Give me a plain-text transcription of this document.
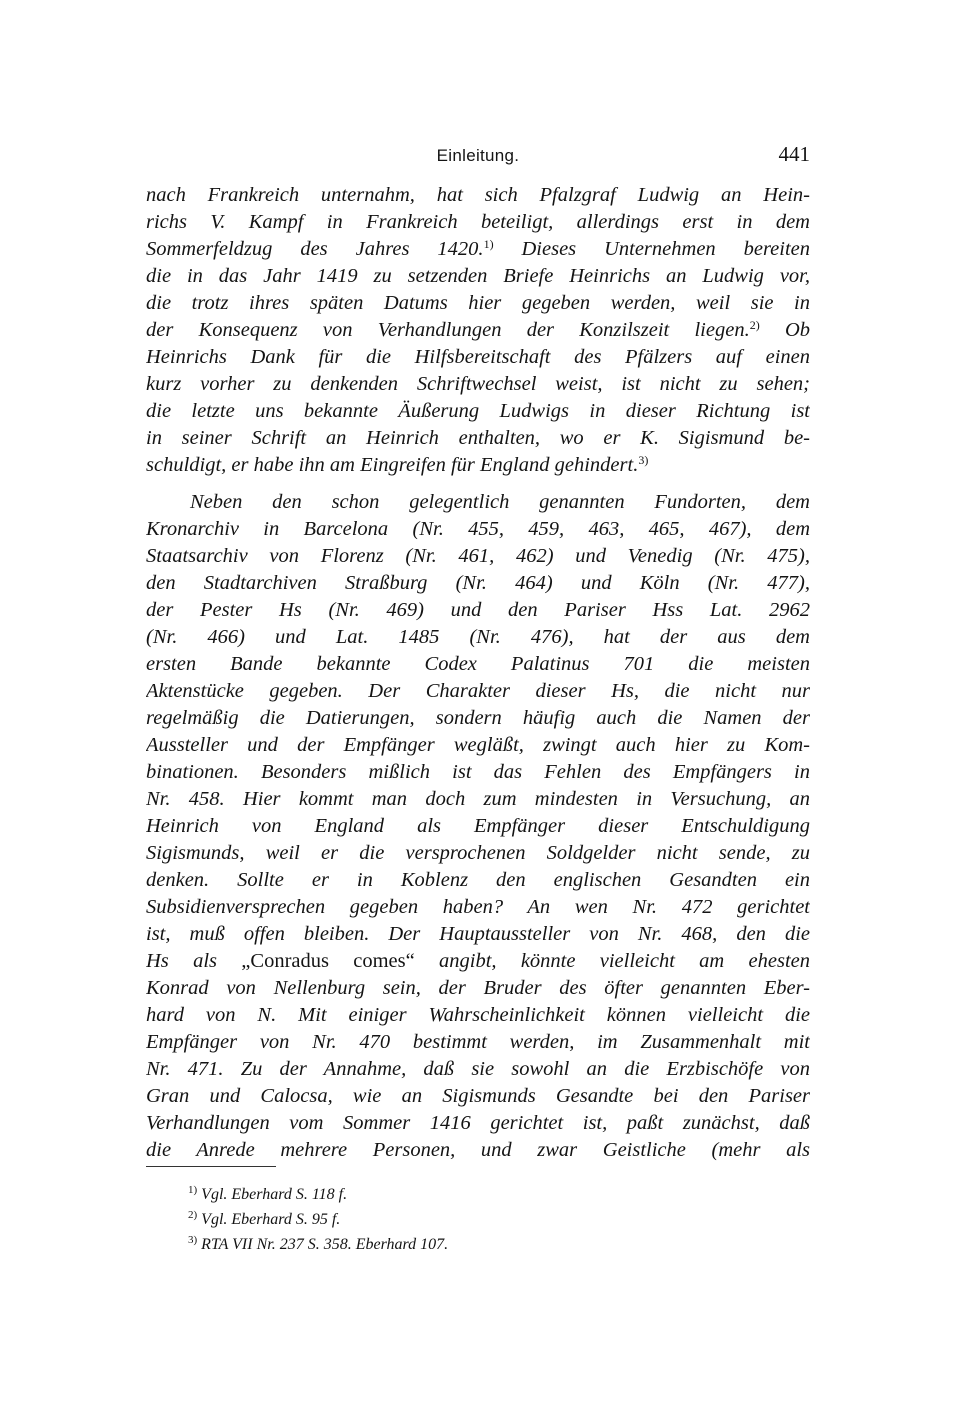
Einleitung.	441
nach Frankreich unternahm, hat sich Pfalzgraf Ludwig an Hein-
richs V. Kampf in Frankreich beteiligt, allerdings erst in dem
Sommerfeldzug des Jahres 1420.$^{1)}$ Dieses Unternehmen bereiten
die in das Jahr 1419 zu setzenden Briefe Heinrichs an Ludwig vor,
die trotz ihres späten Datums hier gegeben werden, weil sie in
der Konsequenz von Verhandlungen der Konzilszeit liegen.$^{2)}$ Ob
Heinrichs Dank für die Hilfsbereitschaft des Pfälzers auf einen
kurz vorher zu denkenden Schriftwechsel weist, ist nicht zu sehen;
die letzte uns bekannte Äußerung Ludwigs in dieser Richtung ist
in seiner Schrift an Heinrich enthalten, wo er K. Sigismund be-
schuldigt, er habe ihn am Eingreifen für England gehindert.$^{3)}$
Neben den schon gelegentlich genannten Fundorten, dem
Kronarchiv in Barcelona (Nr. 455, 459, 463, 465, 467), dem
Staatsarchiv von Florenz (Nr. 461, 462) und Venedig (Nr. 475),
den Stadtarchiven Straßburg (Nr. 464) und Köln (Nr. 477),
der Pester Hs (Nr. 469) und den Pariser Hss Lat. 2962
(Nr. 466) und Lat. 1485 (Nr. 476), hat der aus dem
ersten Bande bekannte Codex Palatinus 701 die meisten
Aktenstücke gegeben. Der Charakter dieser Hs, die nicht nur
regelmäßig die Datierungen, sondern häufig auch die Namen der
Aussteller und der Empfänger wegläßt, zwingt auch hier zu Kom-
binationen. Besonders mißlich ist das Fehlen des Empfängers in
Nr. 458. Hier kommt man doch zum mindesten in Versuchung, an
Heinrich von England als Empfänger dieser Entschuldigung
Sigismunds, weil er die versprochenen Soldgelder nicht sende, zu
denken. Sollte er in Koblenz den englischen Gesandten ein
Subsidienversprechen gegeben haben? An wen Nr. 472 gerichtet
ist, muß offen bleiben. Der Hauptaussteller von Nr. 468, den die
Hs als „Conradus comes“ angibt, könnte vielleicht am ehesten
Konrad von Nellenburg sein, der Bruder des öfter genannten Eber-
hard von N. Mit einiger Wahrscheinlichkeit können vielleicht die
Empfänger von Nr. 470 bestimmt werden, im Zusammenhalt mit
Nr. 471. Zu der Annahme, daß sie sowohl an die Erzbischöfe von
Gran und Calocsa, wie an Sigismunds Gesandte bei den Pariser
Verhandlungen vom Sommer 1416 gerichtet ist, paßt zunächst, daß
die Anrede mehrere Personen, und zwar Geistliche (mehr als
$^{1)}$ Vgl. Eberhard S. 118 f.
$^{2)}$ Vgl. Eberhard S. 95 f.
$^{3)}$ RTA VII Nr. 237 S. 358. Eberhard 107.
